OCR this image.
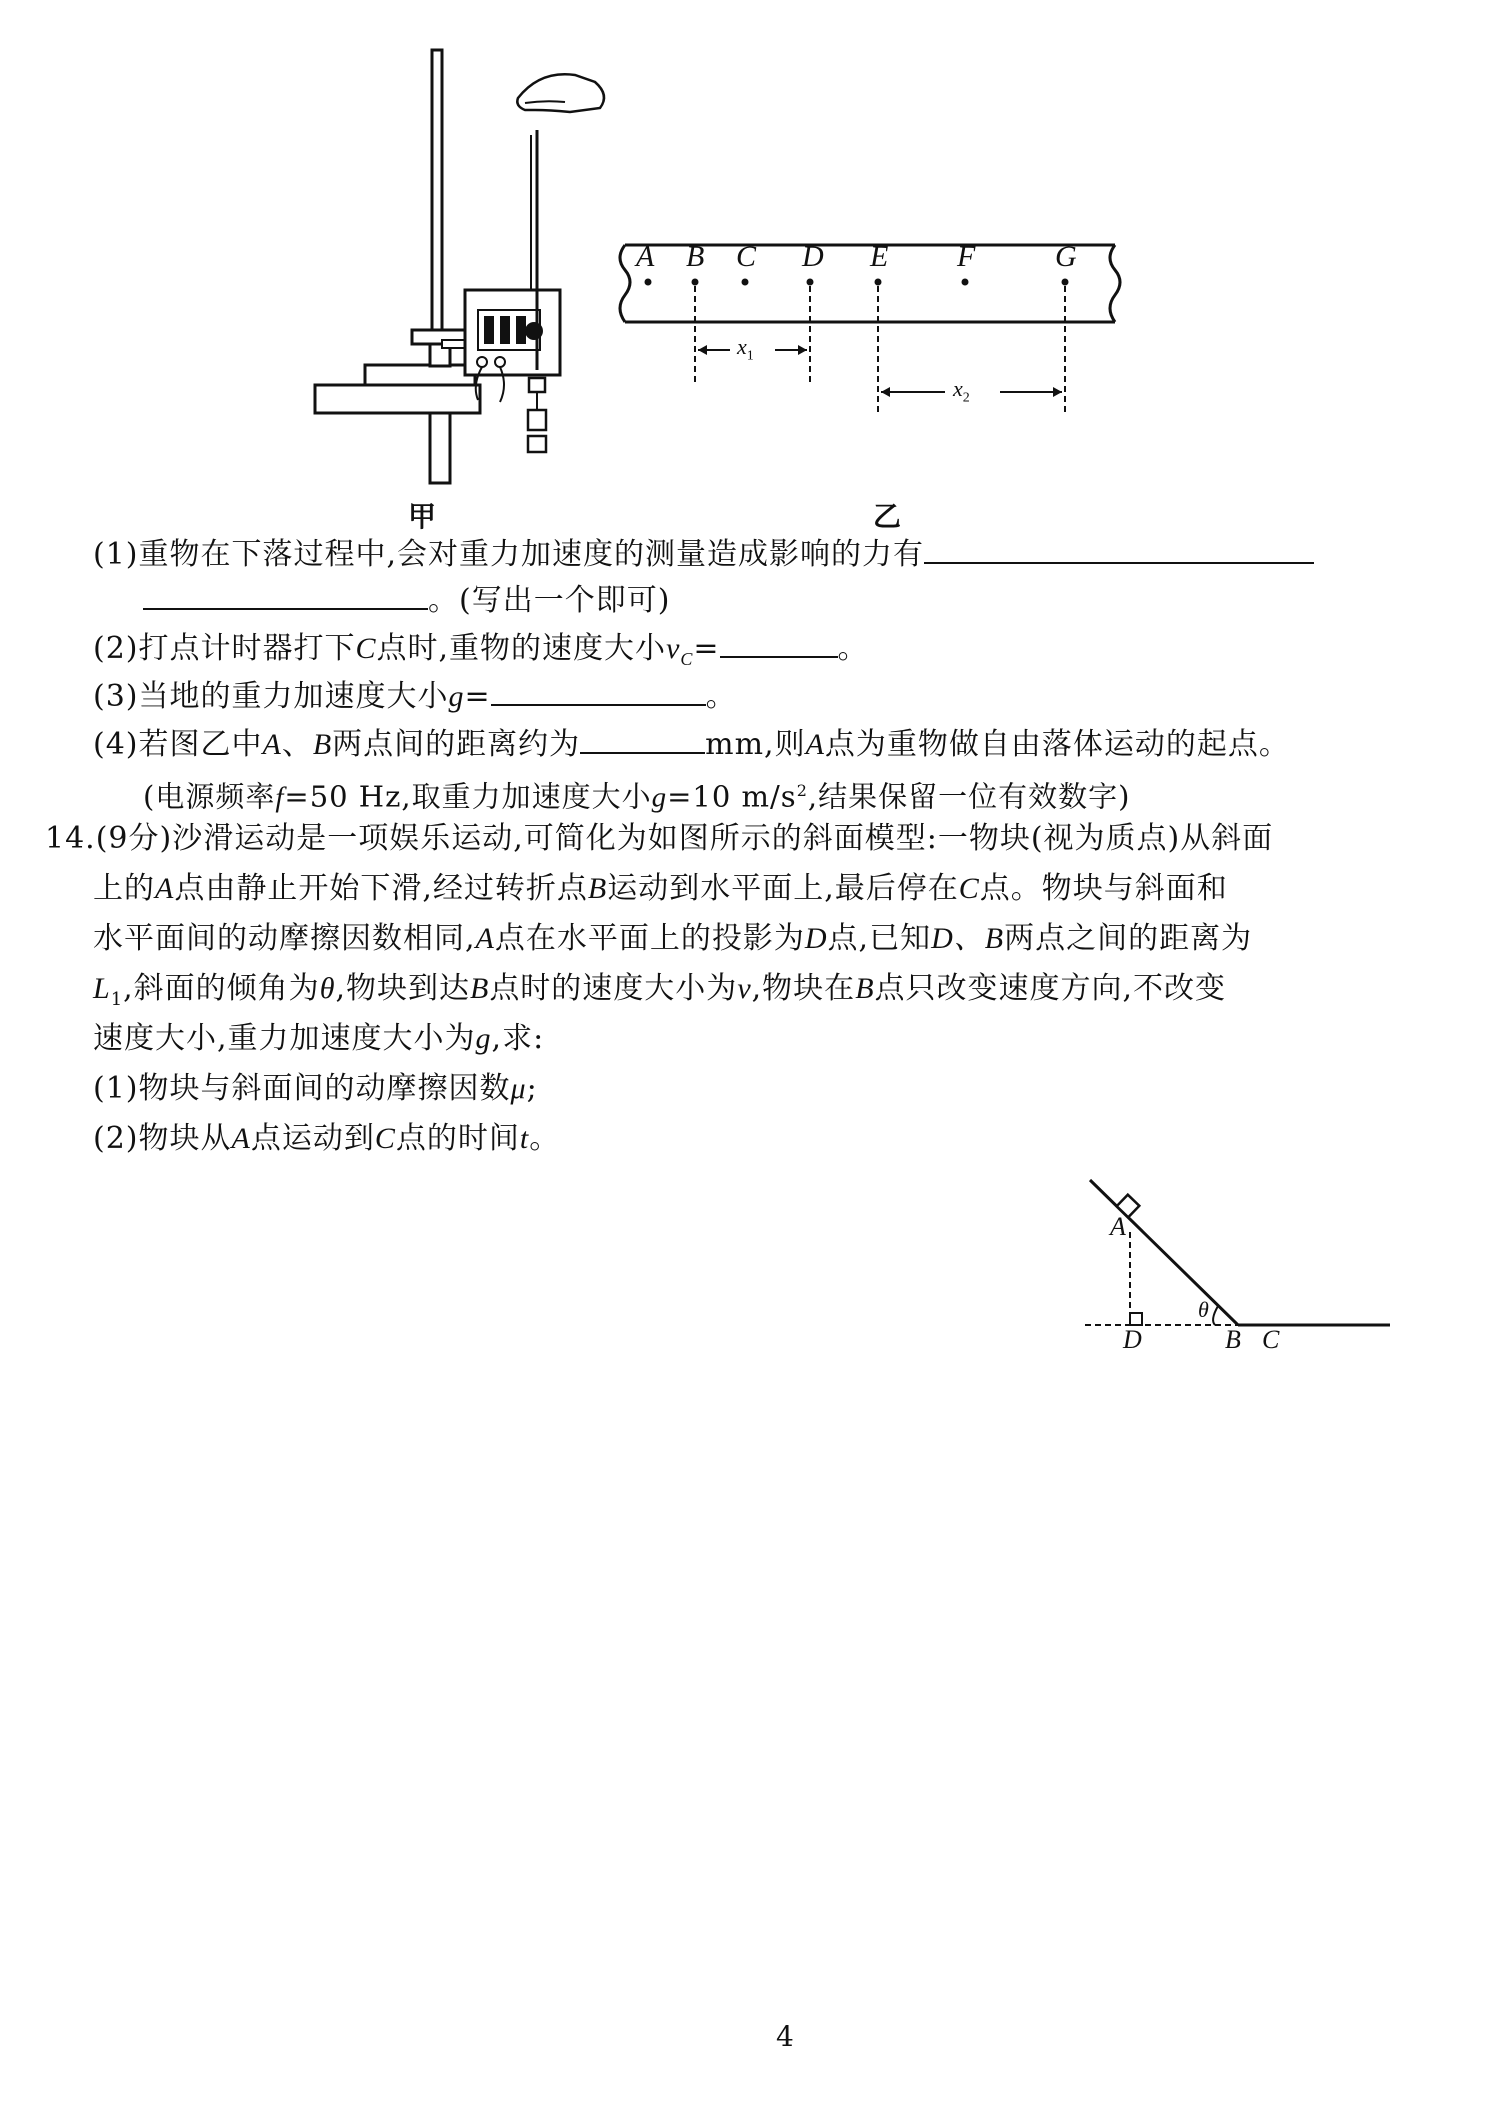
甲
A B C D E F	G
$x_1$
$x_2$
乙
(1)重物在下落过程中,会对重力加速度的测量造成影响的力有
。(写出一个即可)
(2)打点计时器打下C点时,重物的速度大小$v_C=$	。
(3)当地的重力加速度大小g=	。
(4)若图乙中A、B两点间的距离约为	mm,则A点为重物做自由落体运动的起点。
(电源频率f=50 Hz,取重力加速度大小g=10 $m/s^2$,结果保留一位有效数字)
14.(9分)沙滑运动是一项娱乐运动,可简化为如图所示的斜面模型:一物块(视为质点)从斜面
上的A点由静止开始下滑,经过转折点B运动到水平面上,最后停在C点。物块与斜面和
水平面间的动摩擦因数相同,A点在水平面上的投影为D点,已知D、B两点之间的距离为
$L_1$,斜面的倾角为θ,物块到达B点时的速度大小为v,物块在B点只改变速度方向,不改变
速度大小,重力加速度大小为g,求:
(1)物块与斜面间的动摩擦因数μ;
(2)物块从A点运动到C点的时间t。
A
D	B C
θ
4
